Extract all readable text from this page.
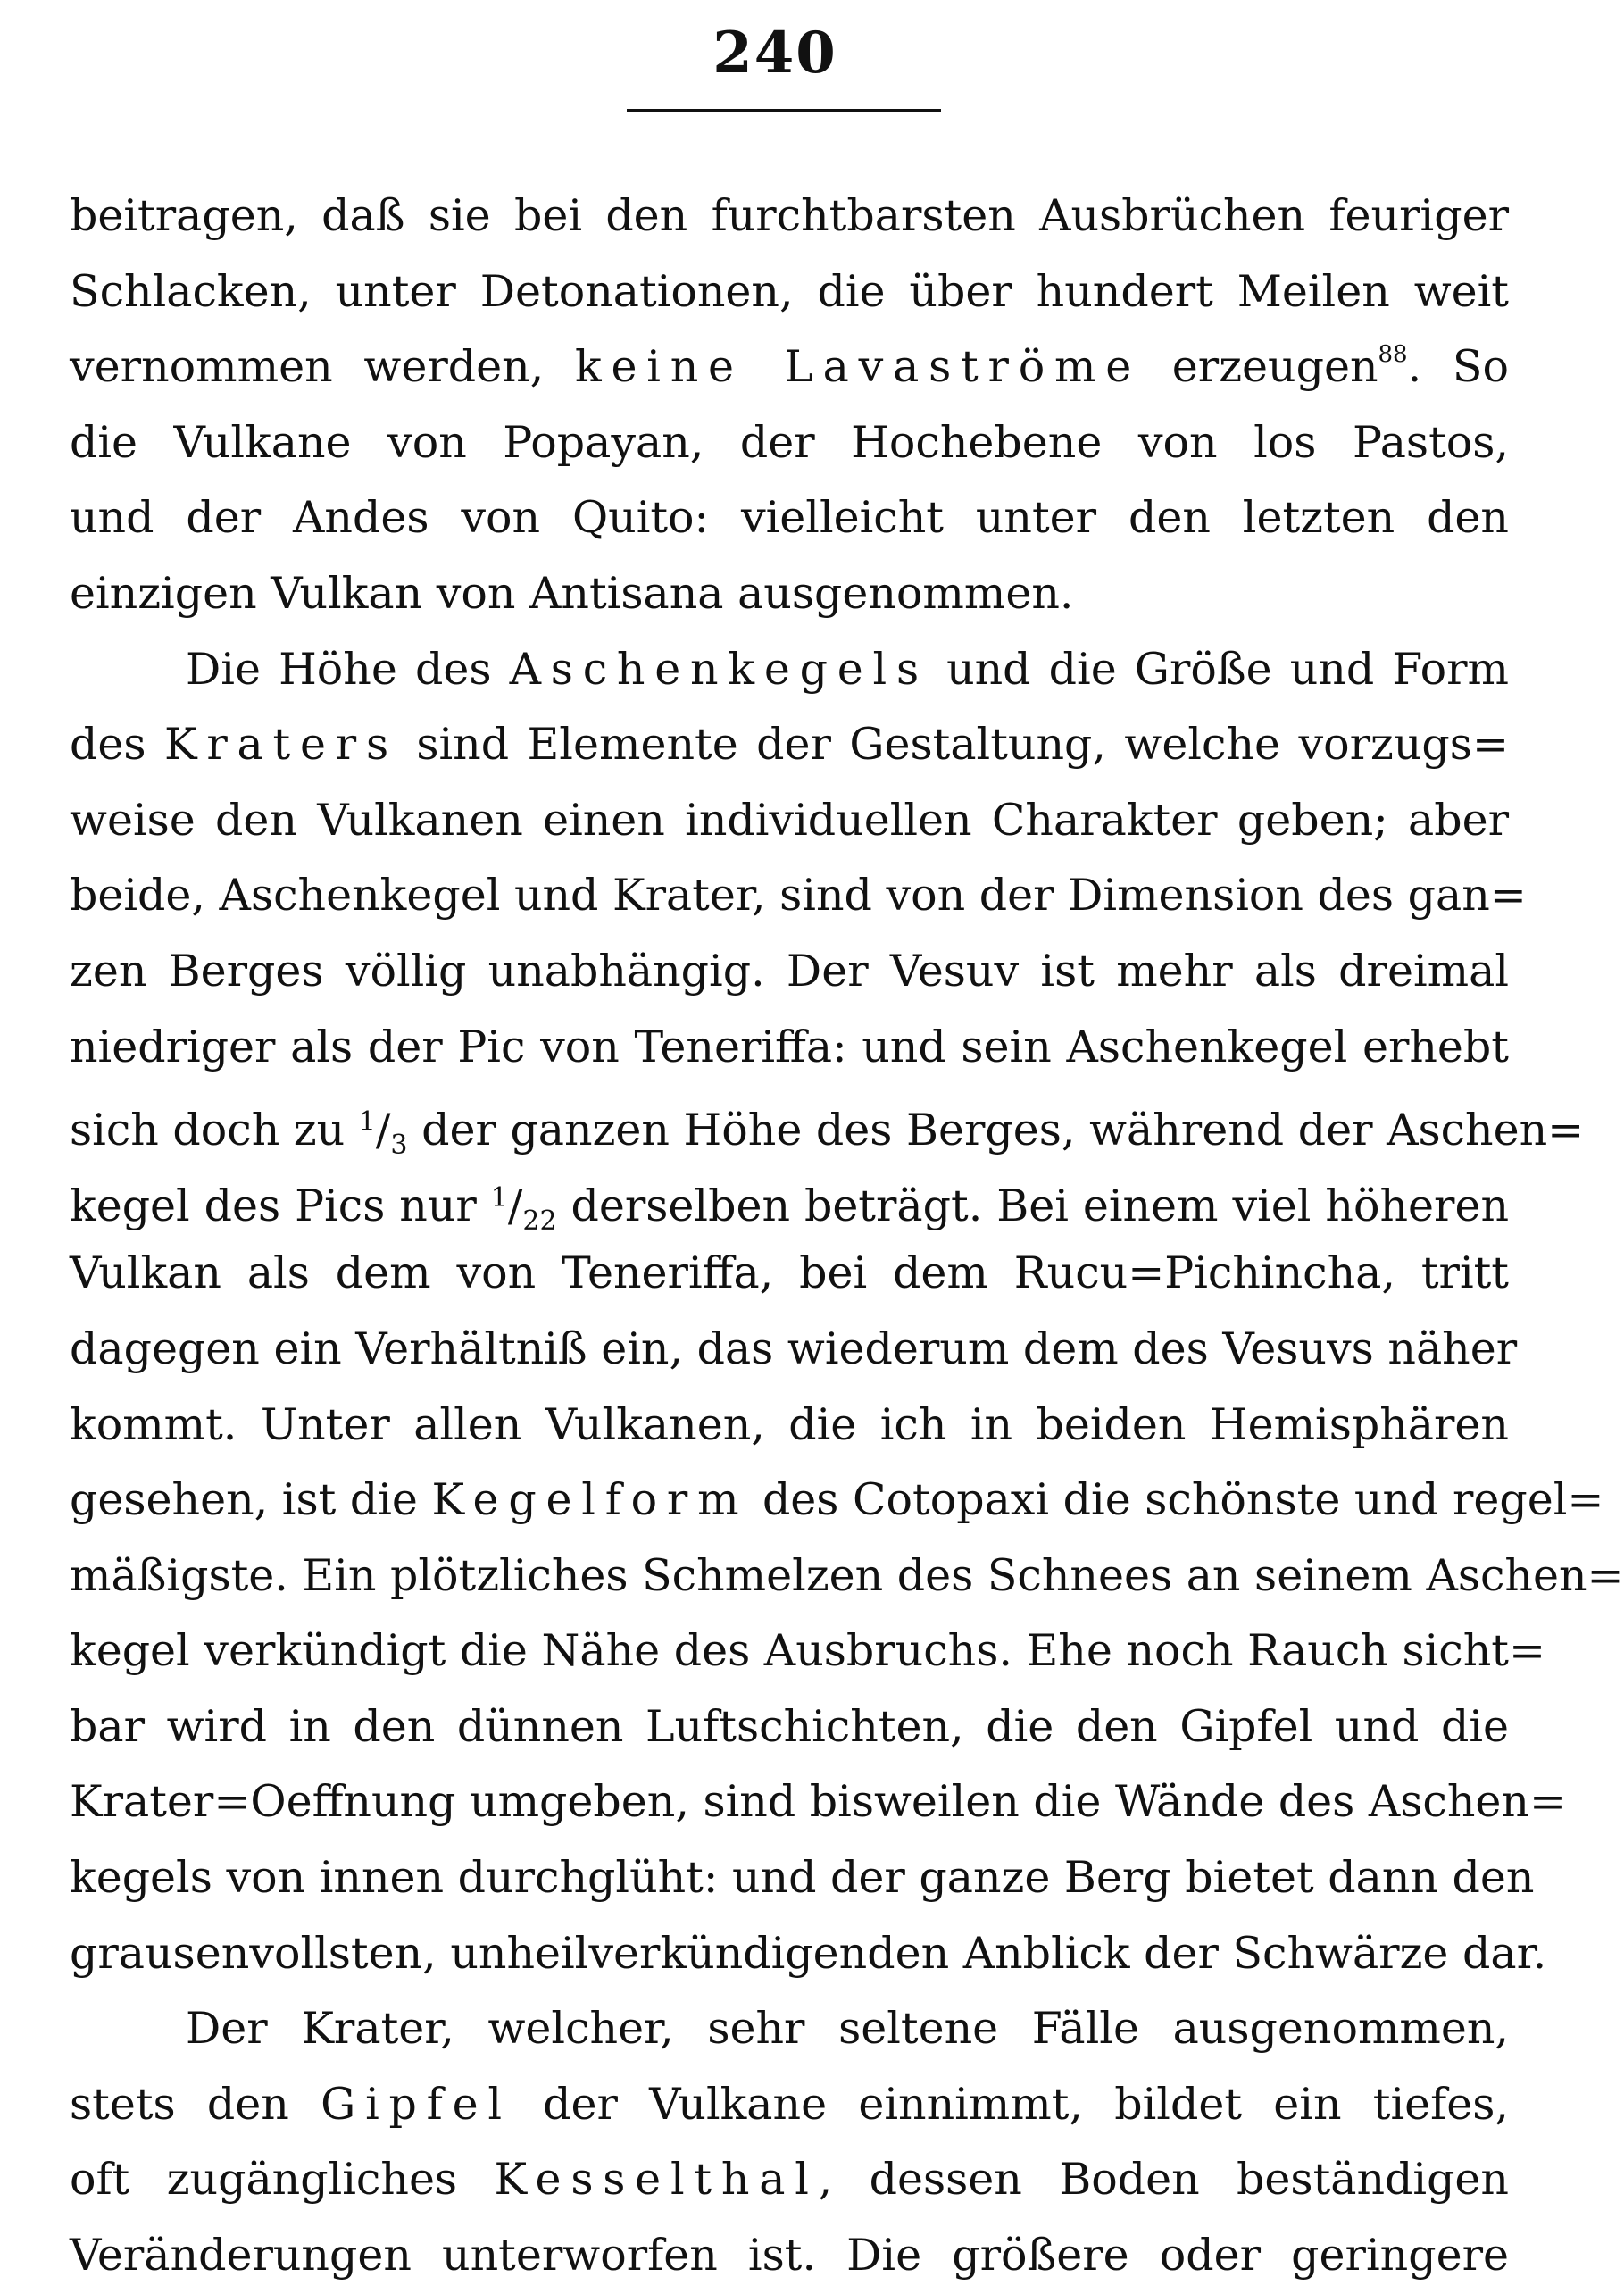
240
beitragen, daß sie bei den furchtbarsten Ausbrüchen feuriger
Schlacken, unter Detonationen, die über hundert Meilen weit
vernommen werden, keine Lavaströme erzeugen$^{88}$. So
die Vulkane von Popayan, der Hochebene von los Pastos,
und der Andes von Quito: vielleicht unter den letzten den
einzigen Vulkan von Antisana ausgenommen.
Die Höhe des Aschenkegels und die Größe und Form
des Kraters sind Elemente der Gestaltung, welche vorzugs=
weise den Vulkanen einen individuellen Charakter geben; aber
beide, Aschenkegel und Krater, sind von der Dimension des gan=
zen Berges völlig unabhängig. Der Vesuv ist mehr als dreimal
niedriger als der Pic von Teneriffa: und sein Aschenkegel erhebt
sich doch zu $^1/_3$ der ganzen Höhe des Berges, während der Aschen=
kegel des Pics nur $^1/_{22}$ derselben beträgt. Bei einem viel höheren
Vulkan als dem von Teneriffa, bei dem Rucu=Pichincha, tritt
dagegen ein Verhältniß ein, das wiederum dem des Vesuvs näher
kommt. Unter allen Vulkanen, die ich in beiden Hemisphären
gesehen, ist die Kegelform des Cotopaxi die schönste und regel=
mäßigste. Ein plötzliches Schmelzen des Schnees an seinem Aschen=
kegel verkündigt die Nähe des Ausbruchs. Ehe noch Rauch sicht=
bar wird in den dünnen Luftschichten, die den Gipfel und die
Krater=Oeffnung umgeben, sind bisweilen die Wände des Aschen=
kegels von innen durchglüht: und der ganze Berg bietet dann den
grausenvollsten, unheilverkündigenden Anblick der Schwärze dar.
Der Krater, welcher, sehr seltene Fälle ausgenommen,
stets den Gipfel der Vulkane einnimmt, bildet ein tiefes,
oft zugängliches Kesselthal, dessen Boden beständigen
Veränderungen unterworfen ist. Die größere oder geringere
